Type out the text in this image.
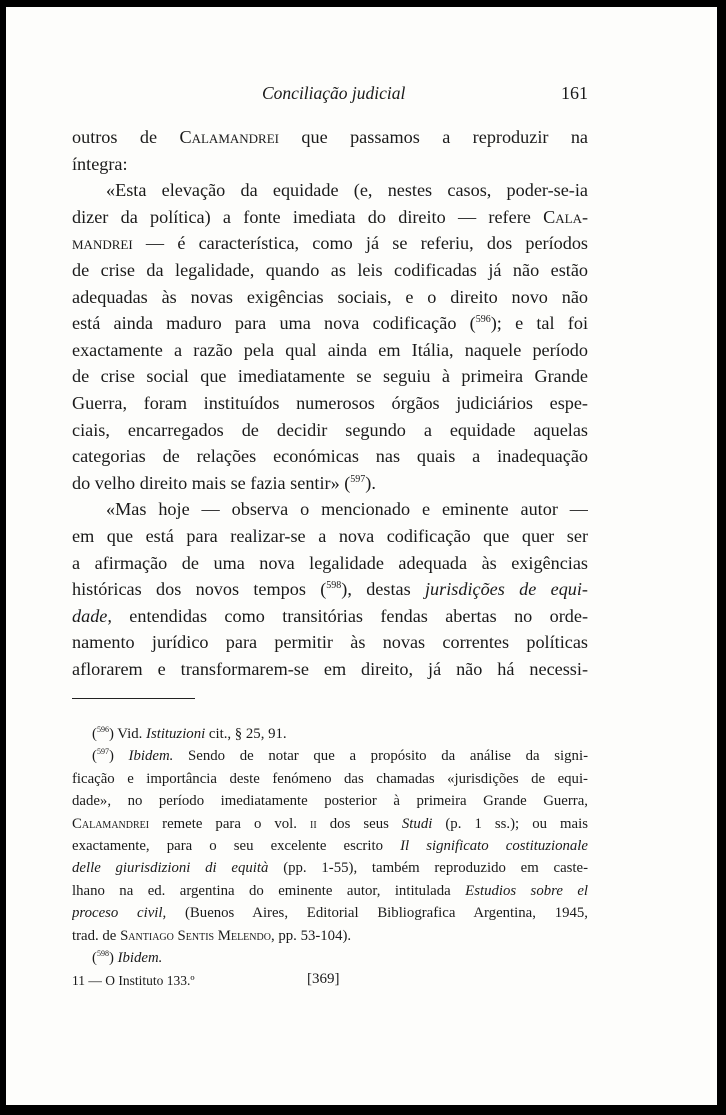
Conciliação judicial	161
outros de Calamandrei que passamos a reproduzir na
íntegra:
«Esta elevação da equidade (e, nestes casos, poder-se-ia
dizer da política) a fonte imediata do direito — refere Cala-
mandrei — é característica, como já se referiu, dos períodos
de crise da legalidade, quando as leis codificadas já não estão
adequadas às novas exigências sociais, e o direito novo não
está ainda maduro para uma nova codificação ($^{596}$); e tal foi
exactamente a razão pela qual ainda em Itália, naquele período
de crise social que imediatamente se seguiu à primeira Grande
Guerra, foram instituídos numerosos órgãos judiciários espe-
ciais, encarregados de decidir segundo a equidade aquelas
categorias de relações económicas nas quais a inadequação
do velho direito mais se fazia sentir» ($^{597}$).
«Mas hoje — observa o mencionado e eminente autor —
em que está para realizar-se a nova codificação que quer ser
a afirmação de uma nova legalidade adequada às exigências
históricas dos novos tempos ($^{598}$), destas jurisdições de equi-
dade, entendidas como transitórias fendas abertas no orde-
namento jurídico para permitir às novas correntes políticas
aflorarem e transformarem-se em direito, já não há necessi-
($^{596}$) Vid. Istituzioni cit., § 25, 91.
($^{597}$) Ibidem. Sendo de notar que a propósito da análise da signi-
ficação e importância deste fenómeno das chamadas «jurisdições de equi-
dade», no período imediatamente posterior à primeira Grande Guerra,
Calamandrei remete para o vol. ii dos seus Studi (p. 1 ss.); ou mais
exactamente, para o seu excelente escrito Il significato costituzionale
delle giurisdizioni di equità (pp. 1-55), também reproduzido em caste-
lhano na ed. argentina do eminente autor, intitulada Estudios sobre el
proceso civil, (Buenos Aires, Editorial Bibliografica Argentina, 1945,
trad. de Santiago Sentis Melendo, pp. 53-104).
($^{598}$) Ibidem.
11 — O Instituto 133.º	[369]
